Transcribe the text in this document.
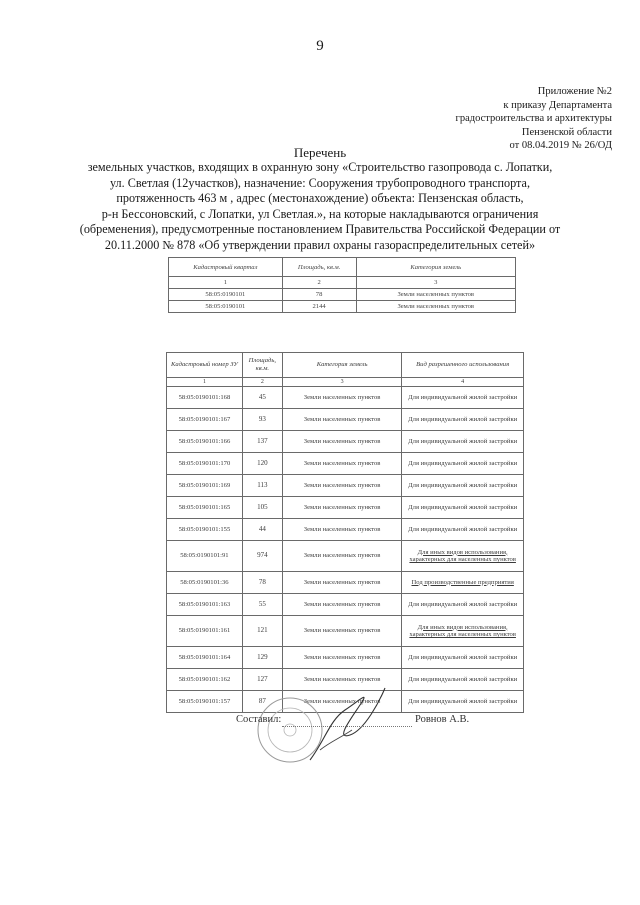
9
Приложение №2
к приказу Департамента
градостроительства и архитектуры
Пензенской области
от 08.04.2019 № 26/ОД
Перечень
земельных участков, входящих в охранную зону «Строительство газопровода с. Лопатки,
ул. Светлая (12участков), назначение: Сооружения трубопроводного транспорта,
протяженность 463 м , адрес (местонахождение) объекта: Пензенская область,
р-н Бессоновский, с Лопатки, ул Светлая.», на которые накладываются ограничения
(обременения), предусмотренные постановлением Правительства Российской Федерации от
20.11.2000 № 878 «Об утверждении правил охраны газораспределительных сетей»
Кадастровый квартал	Площадь, кв.м.	Категория земель
1	2	3
58:05:0190101	78	Земли населенных пунктов
58:05:0190101	2144	Земли населенных пунктов
Кадастровый номер ЗУ	Площадь, кв.м.	Категория земель	Вид разрешенного использования
1	2	3	4
58:05:0190101:168	45	Земли населенных пунктов	Для индивидуальной жилой застройки
58:05:0190101:167	93	Земли населенных пунктов	Для индивидуальной жилой застройки
58:05:0190101:166	137	Земли населенных пунктов	Для индивидуальной жилой застройки
58:05:0190101:170	120	Земли населенных пунктов	Для индивидуальной жилой застройки
58:05:0190101:169	113	Земли населенных пунктов	Для индивидуальной жилой застройки
58:05:0190101:165	105	Земли населенных пунктов	Для индивидуальной жилой застройки
58:05:0190101:155	44	Земли населенных пунктов	Для индивидуальной жилой застройки
58:05:0190101:91	974	Земли населенных пунктов	Для иных видов использования, характерных для населенных пунктов
58:05:0190101:36	78	Земли населенных пунктов	Под производственные предприятия
58:05:0190101:163	55	Земли населенных пунктов	Для индивидуальной жилой застройки
58:05:0190101:161	121	Земли населенных пунктов	Для иных видов использования, характерных для населенных пунктов
58:05:0190101:164	129	Земли населенных пунктов	Для индивидуальной жилой застройки
58:05:0190101:162	127	Земли населенных пунктов	Для индивидуальной жилой застройки
58:05:0190101:157	87	Земли населенных пунктов	Для индивидуальной жилой застройки
Составил:	Ровнов А.В.
